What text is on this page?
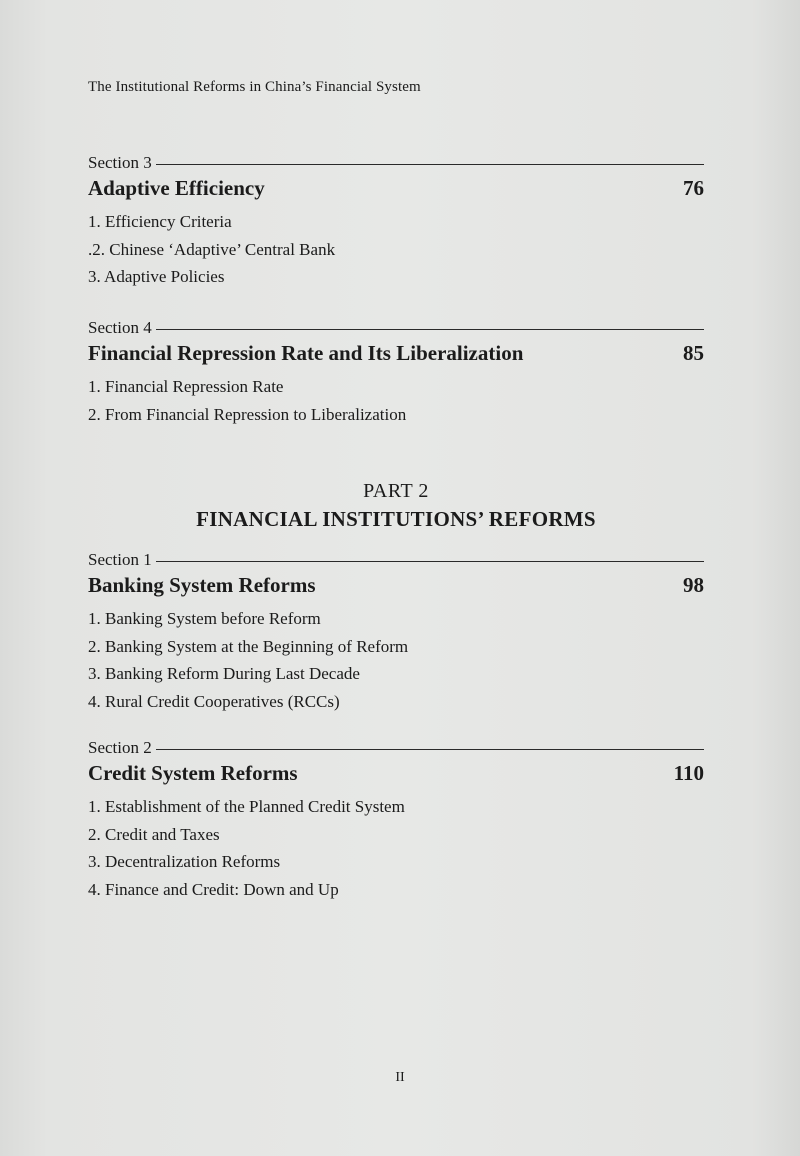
The Institutional Reforms in China’s Financial System
Section 3
Adaptive Efficiency	76
1. Efficiency Criteria
.2. Chinese ‘Adaptive’ Central Bank
3. Adaptive Policies
Section 4
Financial Repression Rate and Its Liberalization	85
1. Financial Repression Rate
2. From Financial Repression to Liberalization
PART 2
FINANCIAL INSTITUTIONS’ REFORMS
Section 1
Banking System Reforms	98
1. Banking System before Reform
2. Banking System at the Beginning of Reform
3. Banking Reform During Last Decade
4. Rural Credit Cooperatives (RCCs)
Section 2
Credit System Reforms	110
1. Establishment of the Planned Credit System
2. Credit and Taxes
3. Decentralization Reforms
4. Finance and Credit: Down and Up
II
